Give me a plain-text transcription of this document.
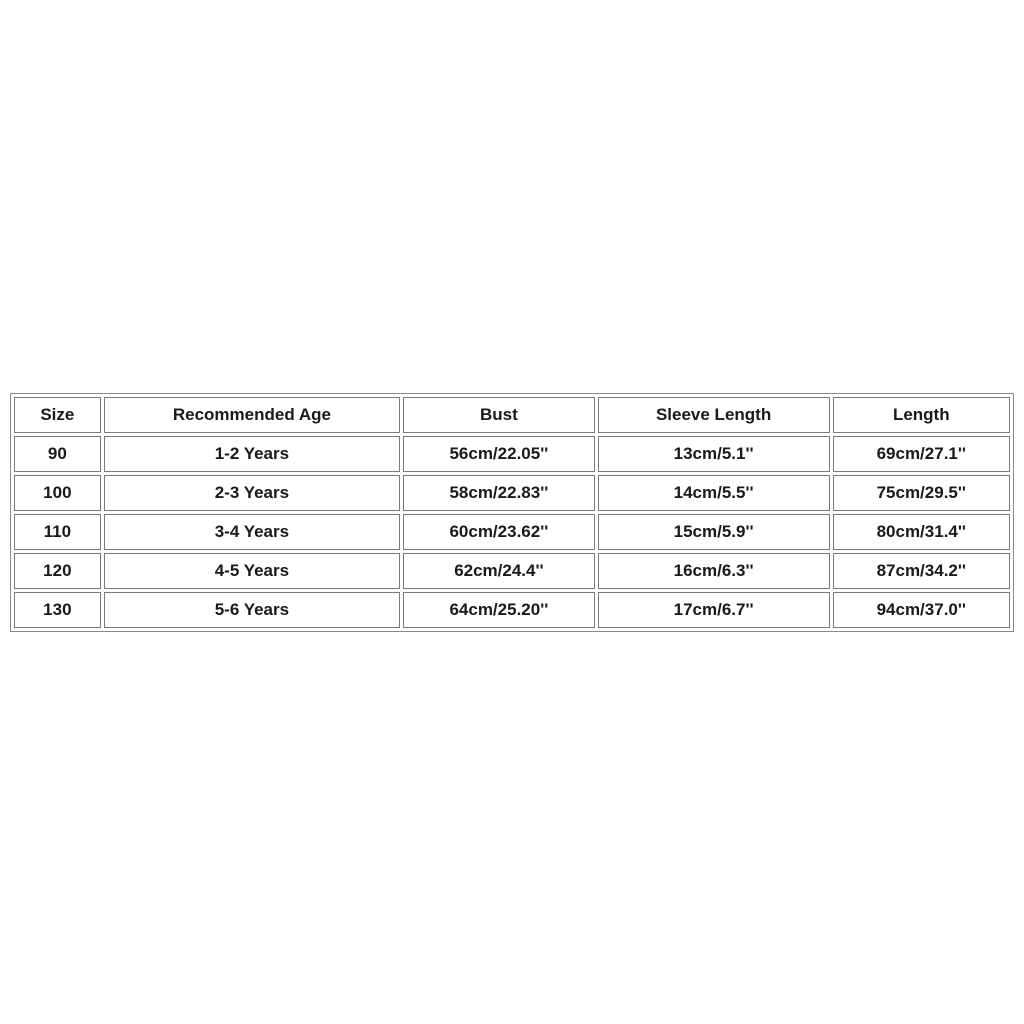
Size	Recommended Age	Bust	Sleeve Length	Length
90	1-2 Years	56cm/22.05''	13cm/5.1''	69cm/27.1''
100	2-3 Years	58cm/22.83''	14cm/5.5''	75cm/29.5''
110	3-4 Years	60cm/23.62''	15cm/5.9''	80cm/31.4''
120	4-5 Years	62cm/24.4''	16cm/6.3''	87cm/34.2''
130	5-6 Years	64cm/25.20''	17cm/6.7''	94cm/37.0''
